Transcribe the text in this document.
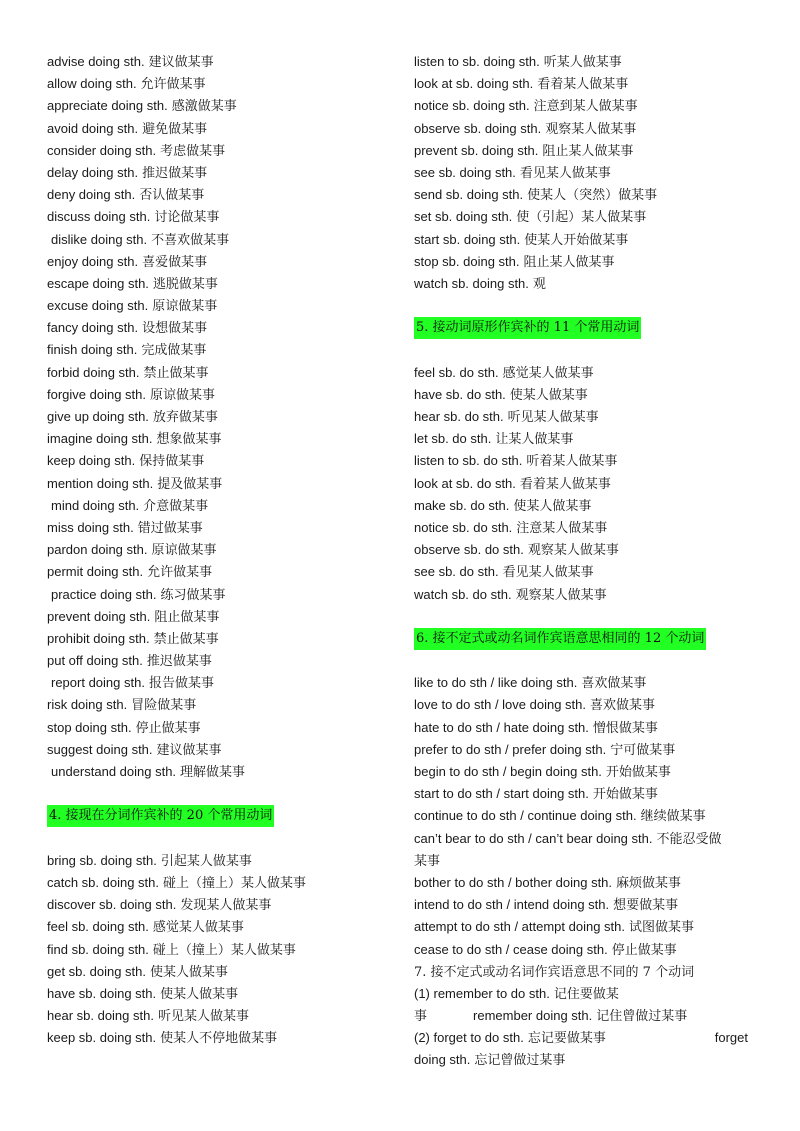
advise doing sth. 建议做某事
allow doing sth. 允许做某事
appreciate doing sth. 感激做某事
avoid doing sth. 避免做某事
consider doing sth. 考虑做某事
delay doing sth. 推迟做某事
deny doing sth. 否认做某事
discuss doing sth. 讨论做某事
dislike doing sth. 不喜欢做某事
enjoy doing sth. 喜爱做某事
escape doing sth. 逃脱做某事
excuse doing sth. 原谅做某事
fancy doing sth. 设想做某事
finish doing sth. 完成做某事
forbid doing sth. 禁止做某事
forgive doing sth. 原谅做某事
give up doing sth. 放弃做某事
imagine doing sth. 想象做某事
keep doing sth. 保持做某事
mention doing sth. 提及做某事
mind doing sth. 介意做某事
miss doing sth. 错过做某事
pardon doing sth. 原谅做某事
permit doing sth. 允许做某事
practice doing sth. 练习做某事
prevent doing sth. 阻止做某事
prohibit doing sth. 禁止做某事
put off doing sth. 推迟做某事
report doing sth. 报告做某事
risk doing sth. 冒险做某事
stop doing sth. 停止做某事
suggest doing sth. 建议做某事
understand doing sth. 理解做某事
4. 接现在分词作宾补的 20 个常用动词
bring sb. doing sth. 引起某人做某事
catch sb. doing sth. 碰上（撞上）某人做某事
discover sb. doing sth. 发现某人做某事
feel sb. doing sth. 感觉某人做某事
find sb. doing sth. 碰上（撞上）某人做某事
get sb. doing sth. 使某人做某事
have sb. doing sth. 使某人做某事
hear sb. doing sth. 听见某人做某事
keep sb. doing sth. 使某人不停地做某事
listen to sb. doing sth. 听某人做某事
look at sb. doing sth. 看着某人做某事
notice sb. doing sth. 注意到某人做某事
observe sb. doing sth. 观察某人做某事
prevent sb. doing sth. 阻止某人做某事
see sb. doing sth. 看见某人做某事
send sb. doing sth. 使某人（突然）做某事
set sb. doing sth. 使（引起）某人做某事
start sb. doing sth. 使某人开始做某事
stop sb. doing sth. 阻止某人做某事
watch sb. doing sth. 观
5. 接动词原形作宾补的 11 个常用动词
feel sb. do sth. 感觉某人做某事
have sb. do sth. 使某人做某事
hear sb. do sth. 听见某人做某事
let sb. do sth. 让某人做某事
listen to sb. do sth. 听着某人做某事
look at sb. do sth. 看着某人做某事
make sb. do sth. 使某人做某事
notice sb. do sth. 注意某人做某事
observe sb. do sth. 观察某人做某事
see sb. do sth. 看见某人做某事
watch sb. do sth. 观察某人做某事
6. 接不定式或动名词作宾语意思相同的 12 个动词
like to do sth / like doing sth. 喜欢做某事
love to do sth / love doing sth. 喜欢做某事
hate to do sth / hate doing sth. 憎恨做某事
prefer to do sth / prefer doing sth. 宁可做某事
begin to do sth / begin doing sth. 开始做某事
start to do sth / start doing sth. 开始做某事
continue to do sth / continue doing sth. 继续做某事
can’t bear to do sth / can’t bear doing sth. 不能忍受做
某事
bother to do sth / bother doing sth. 麻烦做某事
intend to do sth / intend doing sth. 想要做某事
attempt to do sth / attempt doing sth. 试图做某事
cease to do sth / cease doing sth. 停止做某事
7. 接不定式或动名词作宾语意思不同的 7 个动词
(1) remember to do sth. 记住要做某
事	remember doing sth. 记住曾做过某事
(2) forget to do sth. 忘记要做某事	forget
doing sth. 忘记曾做过某事
